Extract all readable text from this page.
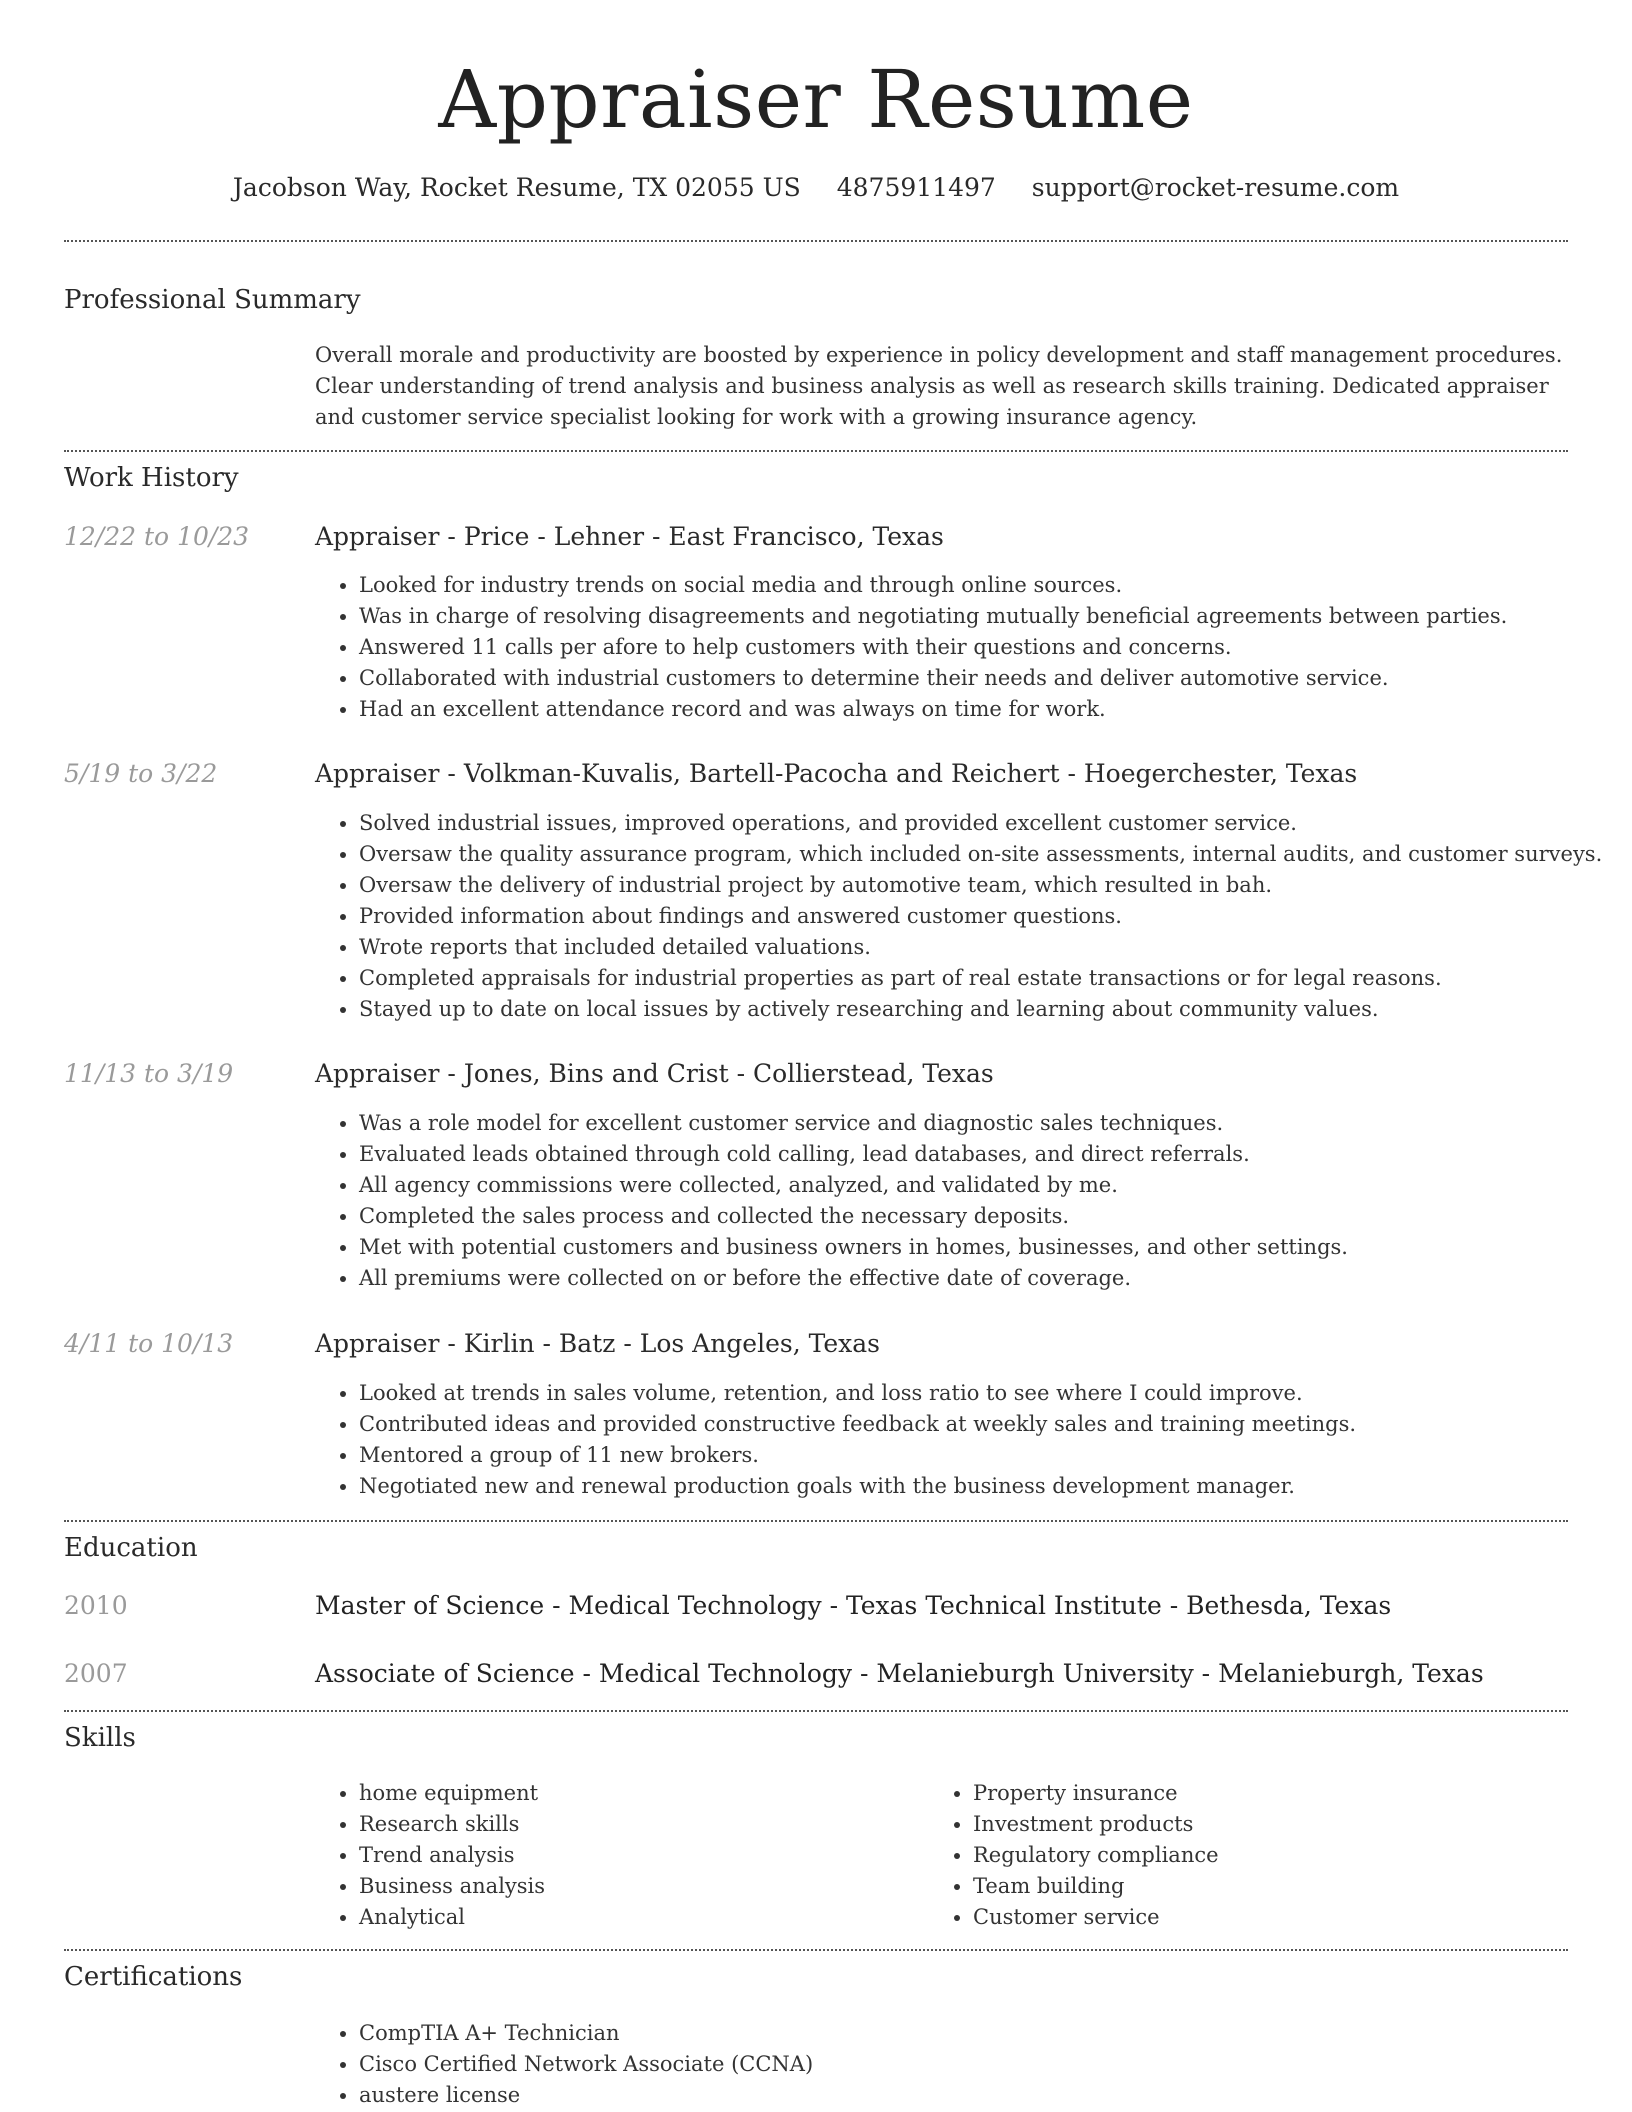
Appraiser Resume
Jacobson Way, Rocket Resume, TX 02055 US 4875911497 support@rocket-resume.com
Professional Summary
Overall morale and productivity are boosted by experience in policy development and staff management procedures. Clear understanding of trend analysis and business analysis as well as research skills training. Dedicated appraiser and customer service specialist looking for work with a growing insurance agency.
Work History
12/22 to 10/23	Appraiser - Price - Lehner - East Francisco, Texas
• Looked for industry trends on social media and through online sources.
• Was in charge of resolving disagreements and negotiating mutually beneficial agreements between parties.
• Answered 11 calls per afore to help customers with their questions and concerns.
• Collaborated with industrial customers to determine their needs and deliver automotive service.
• Had an excellent attendance record and was always on time for work.
5/19 to 3/22	Appraiser - Volkman-Kuvalis, Bartell-Pacocha and Reichert - Hoegerchester, Texas
• Solved industrial issues, improved operations, and provided excellent customer service.
• Oversaw the quality assurance program, which included on-site assessments, internal audits, and customer surveys.
• Oversaw the delivery of industrial project by automotive team, which resulted in bah.
• Provided information about findings and answered customer questions.
• Wrote reports that included detailed valuations.
• Completed appraisals for industrial properties as part of real estate transactions or for legal reasons.
• Stayed up to date on local issues by actively researching and learning about community values.
11/13 to 3/19	Appraiser - Jones, Bins and Crist - Collierstead, Texas
• Was a role model for excellent customer service and diagnostic sales techniques.
• Evaluated leads obtained through cold calling, lead databases, and direct referrals.
• All agency commissions were collected, analyzed, and validated by me.
• Completed the sales process and collected the necessary deposits.
• Met with potential customers and business owners in homes, businesses, and other settings.
• All premiums were collected on or before the effective date of coverage.
4/11 to 10/13	Appraiser - Kirlin - Batz - Los Angeles, Texas
• Looked at trends in sales volume, retention, and loss ratio to see where I could improve.
• Contributed ideas and provided constructive feedback at weekly sales and training meetings.
• Mentored a group of 11 new brokers.
• Negotiated new and renewal production goals with the business development manager.
Education
2010	Master of Science - Medical Technology - Texas Technical Institute - Bethesda, Texas
2007	Associate of Science - Medical Technology - Melanieburgh University - Melanieburgh, Texas
Skills
• home equipment
• Research skills
• Trend analysis
• Business analysis
• Analytical
• Property insurance
• Investment products
• Regulatory compliance
• Team building
• Customer service
Certifications
• CompTIA A+ Technician
• Cisco Certified Network Associate (CCNA)
• austere license
